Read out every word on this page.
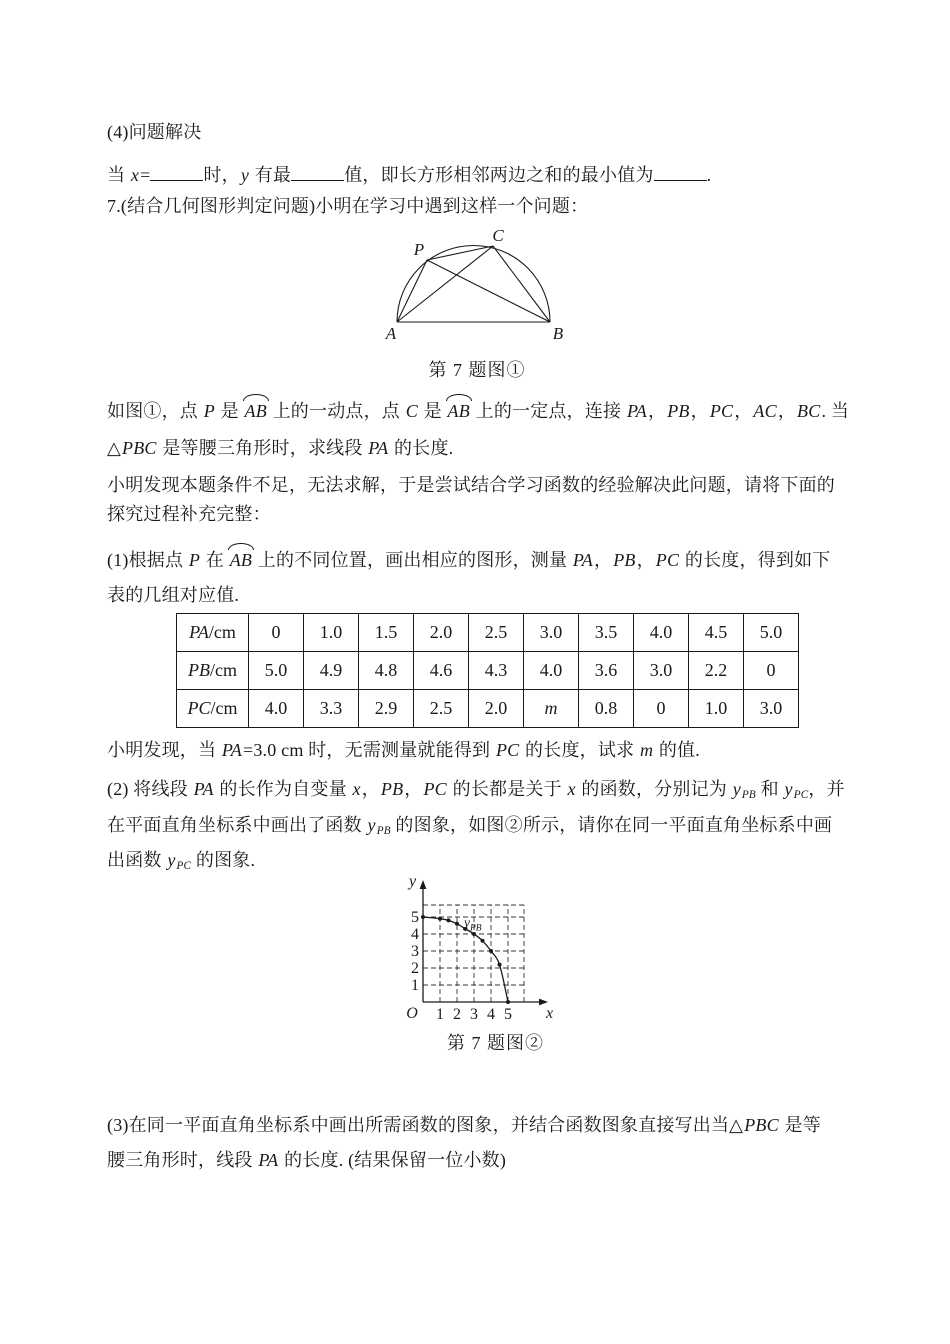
(4)问题解决
当 x=	时，y 有最	值，即长方形相邻两边之和的最小值为	.
7.(结合几何图形判定问题)小明在学习中遇到这样一个问题：
A	B
C
P
第 7 题图①
如图①，点 P 是 AB 上的一动点，点 C 是 AB 上的一定点，连接 PA，PB，PC，AC，BC. 当
△PBC 是等腰三角形时，求线段 PA 的长度.
小明发现本题条件不足，无法求解，于是尝试结合学习函数的经验解决此问题，请将下面的
探究过程补充完整：
(1)根据点 P 在 AB 上的不同位置，画出相应的图形，测量 PA，PB，PC 的长度，得到如下
表的几组对应值.
PA/cm	0	1.0	1.5	2.0	2.5	3.0	3.5	4.0	4.5	5.0
PB/cm	5.0	4.9	4.8	4.6	4.3	4.0	3.6	3.0	2.2	0
PC/cm	4.0	3.3	2.9	2.5	2.0	m	0.8	0	1.0	3.0
小明发现，当 PA=3.0 cm 时，无需测量就能得到 PC 的长度，试求 m 的值.
(2) 将线段 PA 的长作为自变量 x，PB，PC 的长都是关于 x 的函数，分别记为 yPB 和 yPC，并
在平面直角坐标系中画出了函数 yPB 的图象，如图②所示，请你在同一平面直角坐标系中画
出函数 yPC 的图象.
1 2 3 4 5
1
2
3
4
5
O	x
y
$y_{PB}$
第 7 题图②
(3)在同一平面直角坐标系中画出所需函数的图象，并结合函数图象直接写出当△PBC 是等
腰三角形时，线段 PA 的长度. (结果保留一位小数)
